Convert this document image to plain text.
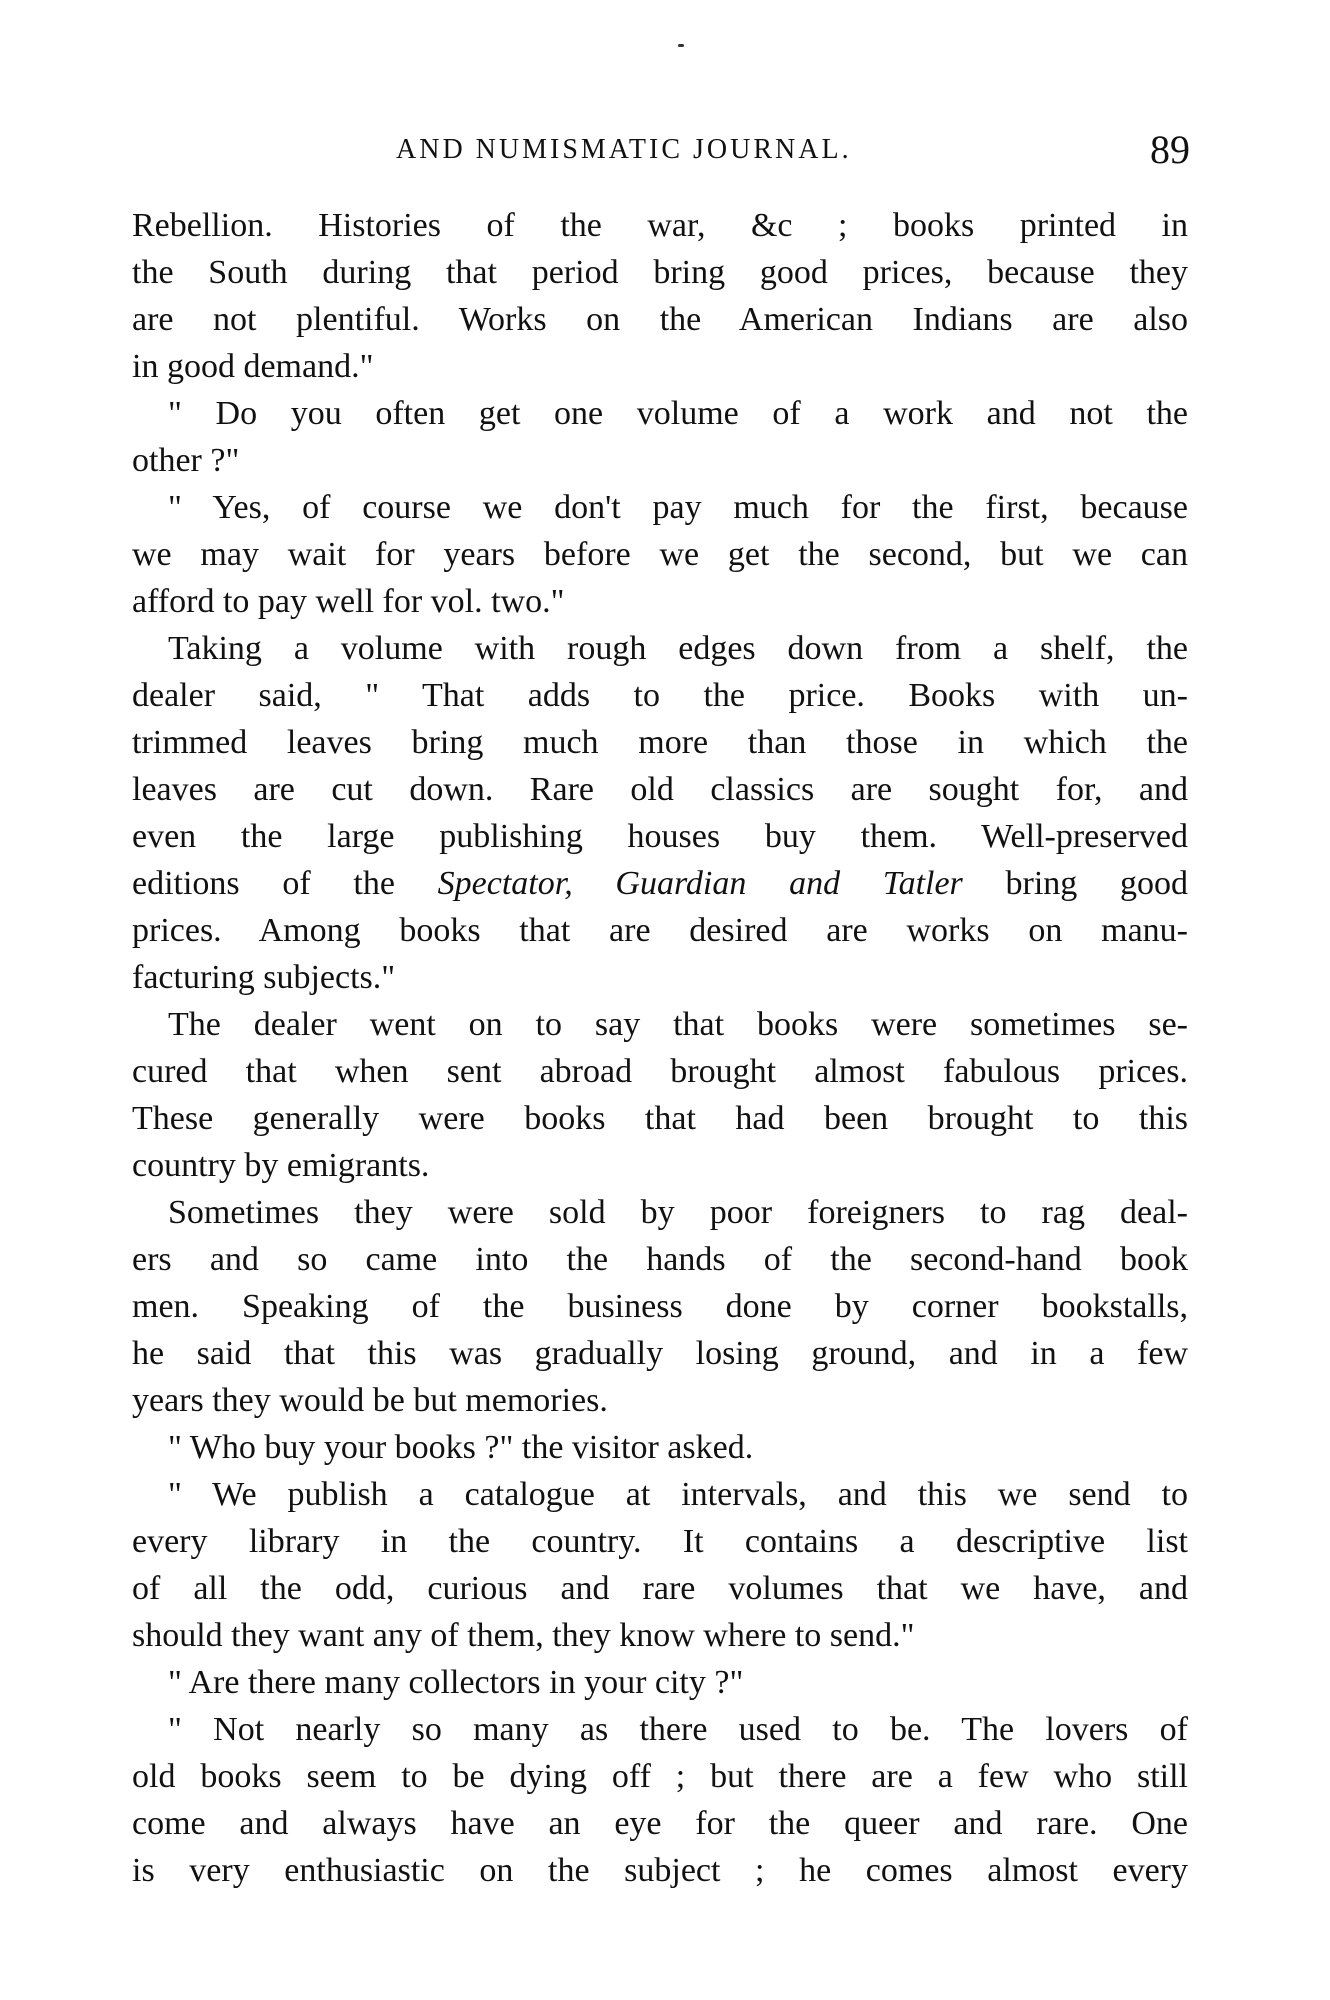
AND NUMISMATIC JOURNAL.	89
Rebellion. Histories of the war, &c ; books printed in
the South during that period bring good prices, because they
are not plentiful. Works on the American Indians are also
in good demand."
" Do you often get one volume of a work and not the
other ?"
" Yes, of course we don't pay much for the first, because
we may wait for years before we get the second, but we can
afford to pay well for vol. two."
Taking a volume with rough edges down from a shelf, the
dealer said, " That adds to the price. Books with un-
trimmed leaves bring much more than those in which the
leaves are cut down. Rare old classics are sought for, and
even the large publishing houses buy them. Well-preserved
editions of the Spectator, Guardian and Tatler bring good
prices. Among books that are desired are works on manu-
facturing subjects."
The dealer went on to say that books were sometimes se-
cured that when sent abroad brought almost fabulous prices.
These generally were books that had been brought to this
country by emigrants.
Sometimes they were sold by poor foreigners to rag deal-
ers and so came into the hands of the second-hand book
men. Speaking of the business done by corner bookstalls,
he said that this was gradually losing ground, and in a few
years they would be but memories.
" Who buy your books ?" the visitor asked.
" We publish a catalogue at intervals, and this we send to
every library in the country. It contains a descriptive list
of all the odd, curious and rare volumes that we have, and
should they want any of them, they know where to send."
" Are there many collectors in your city ?"
" Not nearly so many as there used to be. The lovers of
old books seem to be dying off ; but there are a few who still
come and always have an eye for the queer and rare. One
is very enthusiastic on the subject ; he comes almost every
